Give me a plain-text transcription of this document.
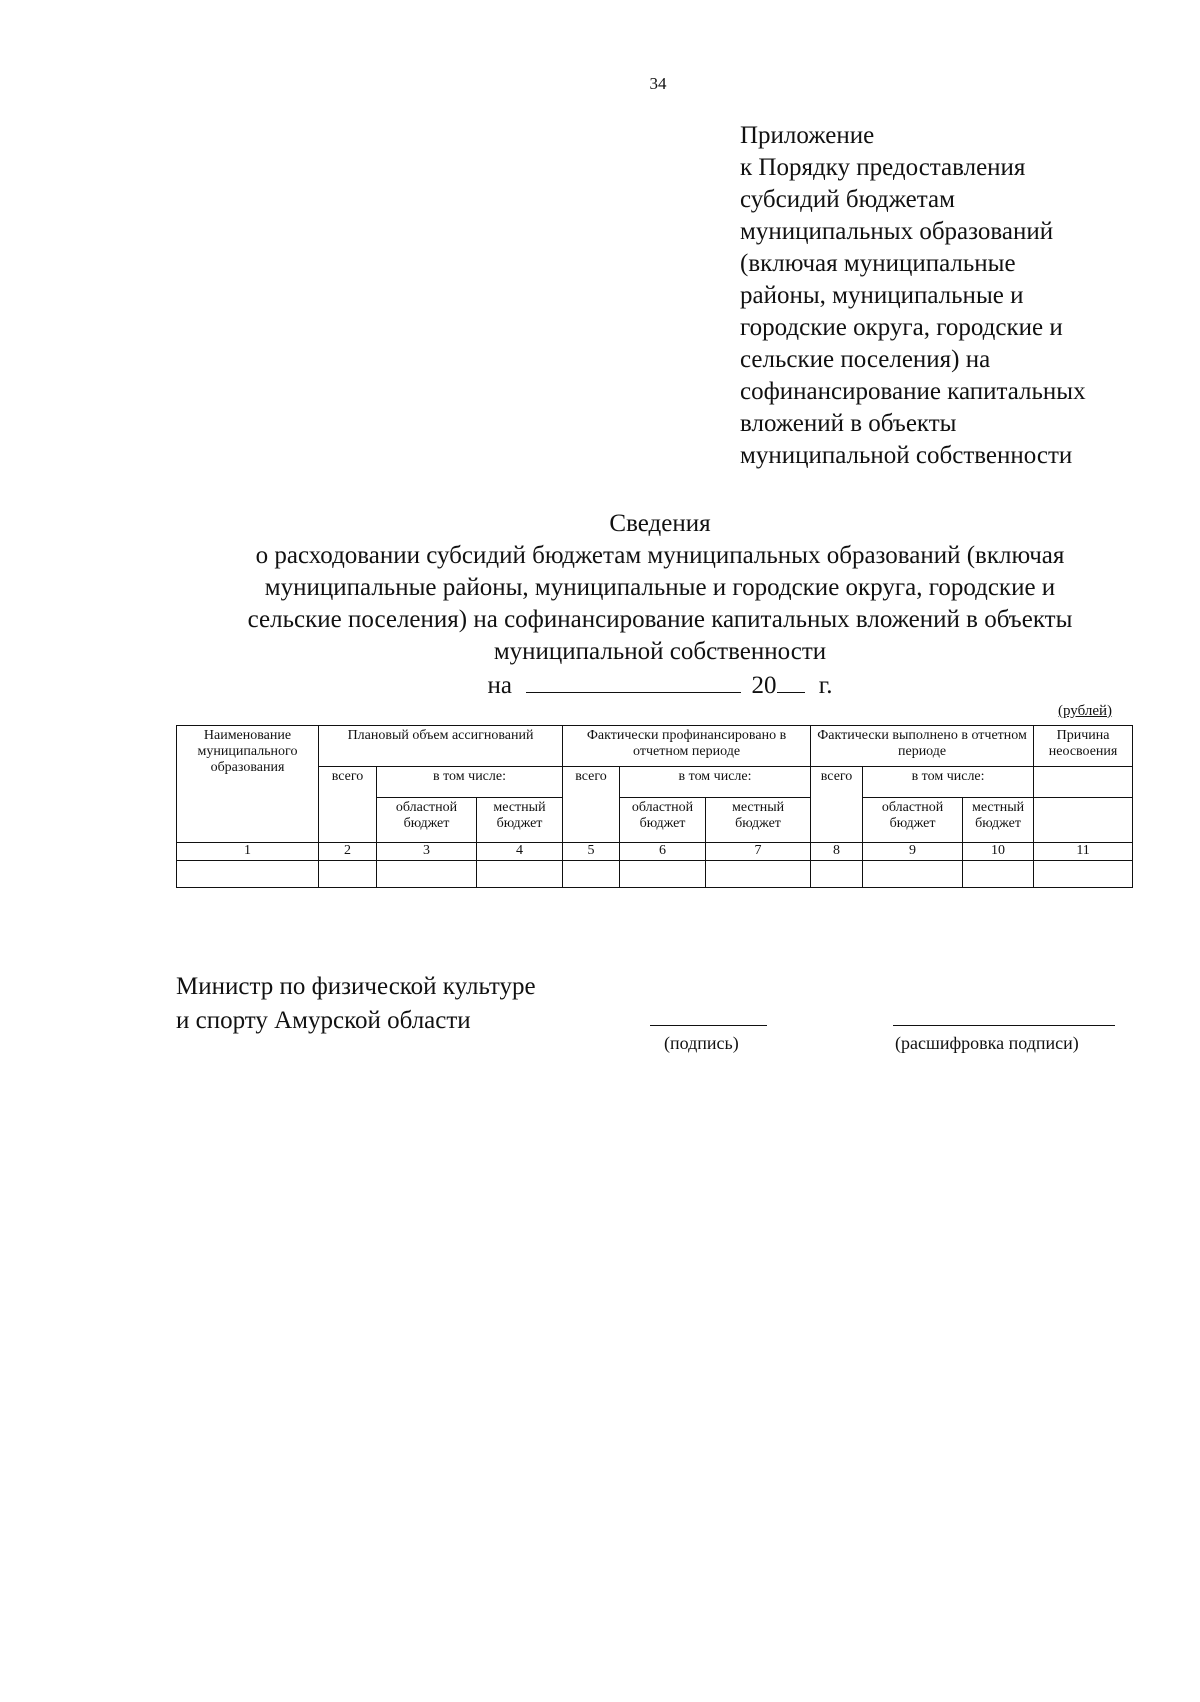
34
Приложение
к Порядку предоставления
субсидий бюджетам
муниципальных образований
(включая муниципальные
районы, муниципальные и
городские округа, городские и
сельские поселения) на
софинансирование капитальных
вложений в объекты
муниципальной собственности
Сведения
о расходовании субсидий бюджетам муниципальных образований (включая
муниципальные районы, муниципальные и городские округа, городские и
сельские поселения) на софинансирование капитальных вложений в объекты
муниципальной собственности
на	20 г.
(рублей)
Наименование муниципального образования	Плановый объем ассигнований			Фактически профинансировано в отчетном периоде			Фактически выполнено в отчетном периоде			Причина неосвоения
	всего	в том числе:		всего	в том числе:		всего	в том числе:		
		областной бюджет	местный бюджет		областной бюджет	местный бюджет		областной бюджет	местный бюджет	
1	2	3	4	5	6	7	8	9	10	11

Министр по физической культуре
и спорту Амурской области
(подпись)	(расшифровка подписи)
